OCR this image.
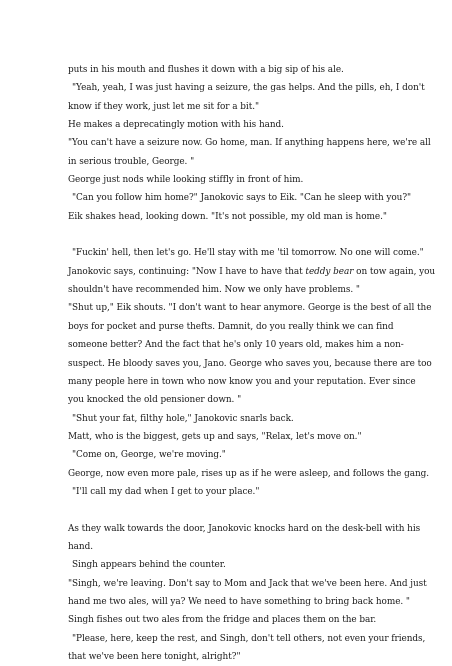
puts in his mouth and flushes it down with a big sip of his ale.
"Yeah, yeah, I was just having a seizure, the gas helps. And the pills, eh, I don't
know if they work, just let me sit for a bit."
He makes a deprecatingly motion with his hand.
"You can't have a seizure now. Go home, man. If anything happens here, we're all
in serious trouble, George. "
George just nods while looking stiffly in front of him.
"Can you follow him home?" Janokovic says to Eik. "Can he sleep with you?"
Eik shakes head, looking down. "It's not possible, my old man is home."
"Fuckin' hell, then let's go. He'll stay with me 'til tomorrow. No one will come."
Janokovic says, continuing: "Now I have to have that teddy bear on tow again, you
shouldn't have recommended him. Now we only have problems. "
"Shut up," Eik shouts. "I don't want to hear anymore. George is the best of all the
boys for pocket and purse thefts. Damnit, do you really think we can find
someone better? And the fact that he's only 10 years old, makes him a non-
suspect. He bloody saves you, Jano. George who saves you, because there are too
many people here in town who now know you and your reputation. Ever since
you knocked the old pensioner down. "
"Shut your fat, filthy hole," Janokovic snarls back.
Matt, who is the biggest, gets up and says, "Relax, let's move on."
"Come on, George, we're moving."
George, now even more pale, rises up as if he were asleep, and follows the gang.
"I'll call my dad when I get to your place."
As they walk towards the door, Janokovic knocks hard on the desk-bell with his
hand.
Singh appears behind the counter.
"Singh, we're leaving. Don't say to Mom and Jack that we've been here. And just
hand me two ales, will ya? We need to have something to bring back home. "
Singh fishes out two ales from the fridge and places them on the bar.
"Please, here, keep the rest, and Singh, don't tell others, not even your friends,
that we've been here tonight, alright?"
